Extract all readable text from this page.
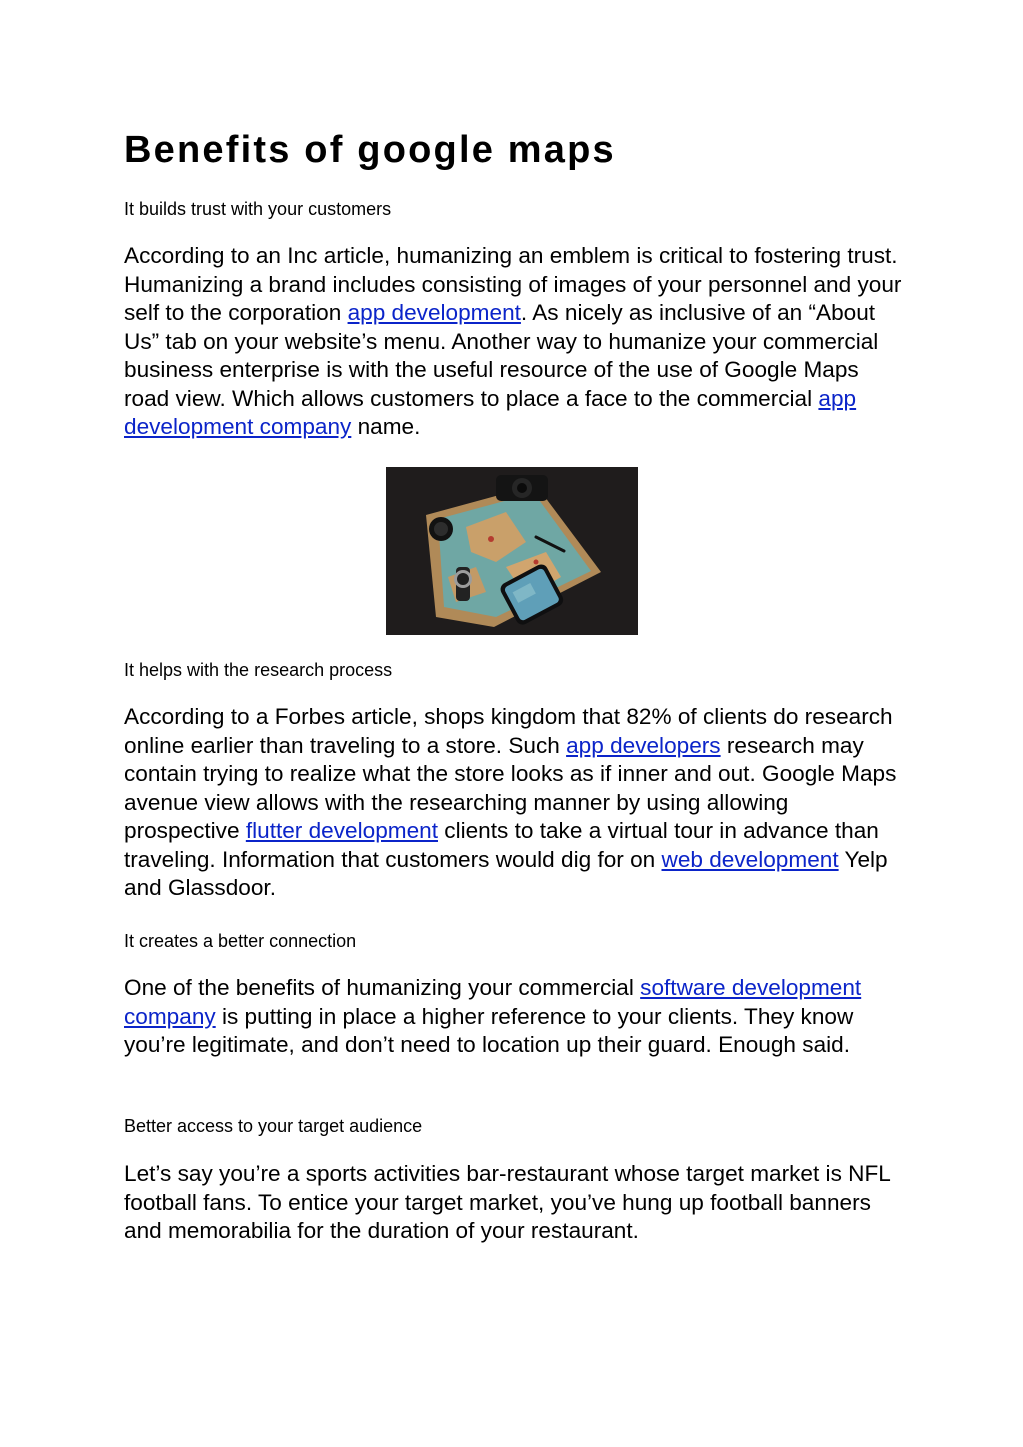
Benefits of google maps

It builds trust with your customers

According to an Inc article, humanizing an emblem is critical to fostering trust. Humanizing a brand includes consisting of images of your personnel and your self to the corporation app development. As nicely as inclusive of an “About Us” tab on your website’s menu. Another way to humanize your commercial business enterprise is with the useful resource of the use of Google Maps road view. Which allows customers to place a face to the commercial app development company name.

It helps with the research process

According to a Forbes article, shops kingdom that 82% of clients do research online earlier than traveling to a store. Such app developers research may contain trying to realize what the store looks as if inner and out. Google Maps avenue view allows with the researching manner by using allowing prospective flutter development clients to take a virtual tour in advance than traveling. Information that customers would dig for on web development Yelp and Glassdoor.

It creates a better connection

One of the benefits of humanizing your commercial software development company is putting in place a higher reference to your clients. They know you’re legitimate, and don’t need to location up their guard. Enough said.

Better access to your target audience

Let’s say you’re a sports activities bar-restaurant whose target market is NFL football fans. To entice your target market, you’ve hung up football banners and memorabilia for the duration of your restaurant.
